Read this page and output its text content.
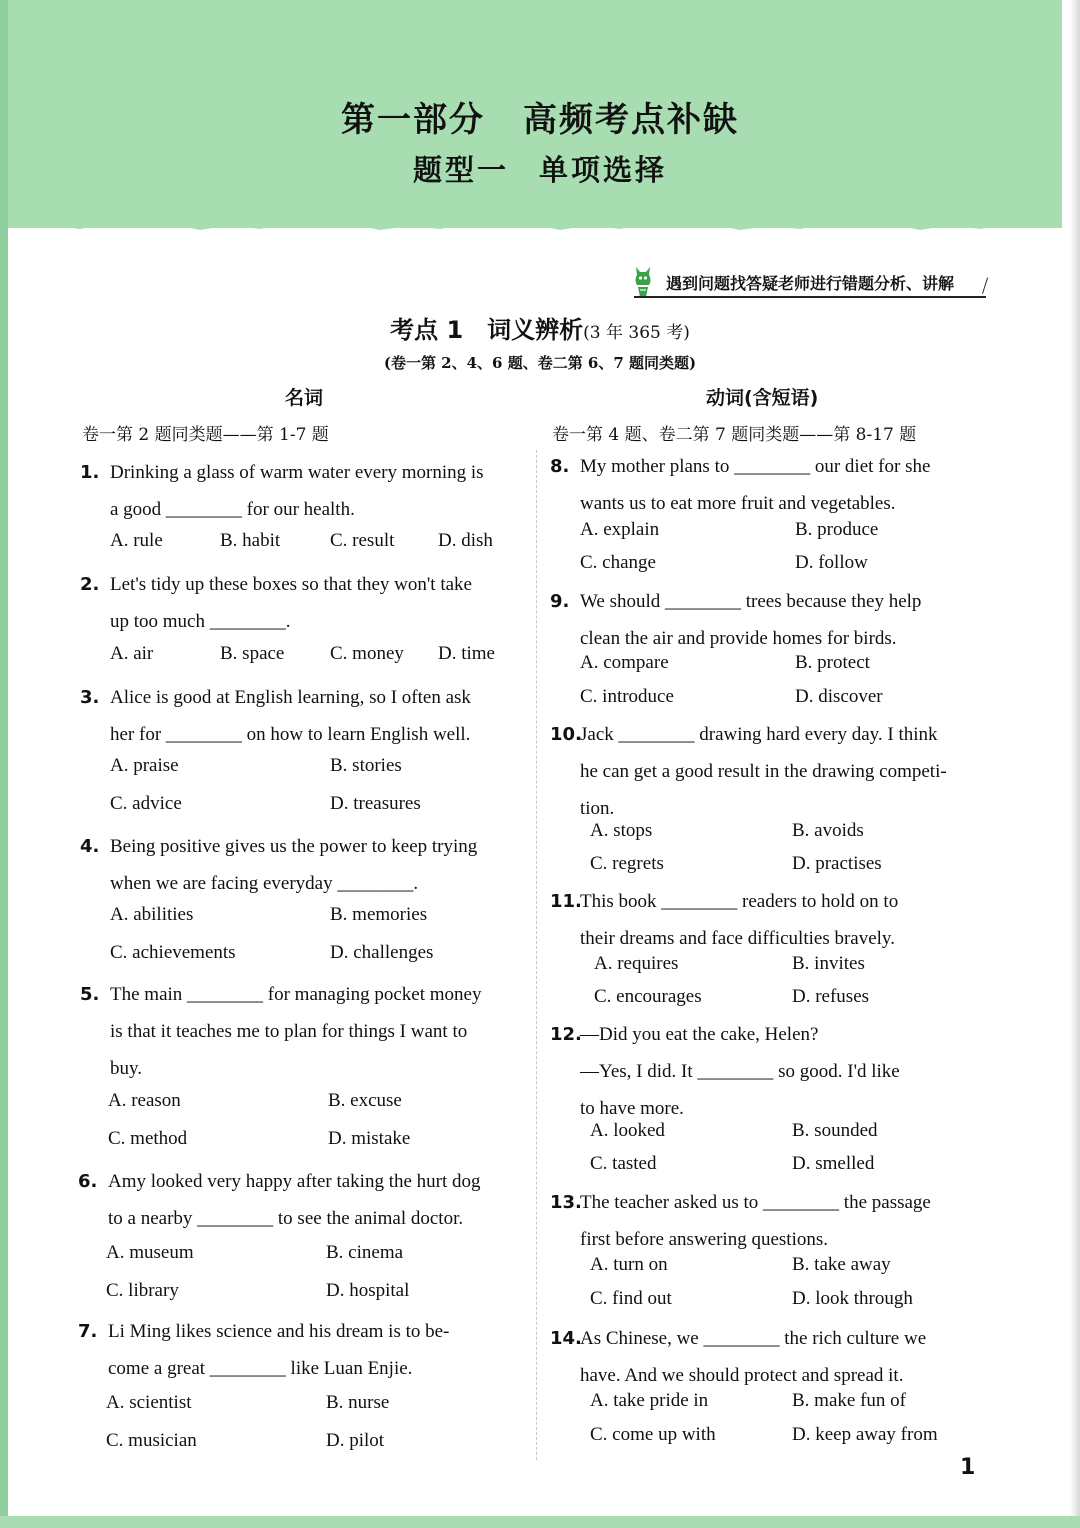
第一部分 高频考点补缺
题型一 单项选择
遇到问题找答疑老师进行错题分析、讲解 ⧸
考点 1　词义辨析(3 年 365 考)
(卷一第 2、4、6 题、卷二第 6、7 题同类题)
名词
卷一第 2 题同类题——第 1-7 题
动词(含短语)
卷一第 4 题、卷二第 7 题同类题——第 8-17 题
1. Drinking a glass of warm water every morning is
a good ________ for our health.
A. rule	B. habit	C. result D. dish
2. Let's tidy up these boxes so that they won't take
up too much ________.
A. air	B. space C. money D. time
3. Alice is good at English learning, so I often ask
her for ________ on how to learn English well.
A. praise	B. stories
C. advice	D. treasures
4. Being positive gives us the power to keep trying
when we are facing everyday ________.
A. abilities	B. memories
C. achievements	D. challenges
5. The main ________ for managing pocket money
is that it teaches me to plan for things I want to
buy.
A. reason	B. excuse
C. method	D. mistake
6. Amy looked very happy after taking the hurt dog
to a nearby ________ to see the animal doctor.
A. museum	B. cinema
C. library	D. hospital
7. Li Ming likes science and his dream is to be-
come a great ________ like Luan Enjie.
A. scientist	B. nurse
C. musician	D. pilot
8. My mother plans to ________ our diet for she
wants us to eat more fruit and vegetables.
A. explain	B. produce
C. change	D. follow
9. We should ________ trees because they help
clean the air and provide homes for birds.
A. compare	B. protect
C. introduce	D. discover
10.
Jack ________ drawing hard every day. I think
he can get a good result in the drawing competi-
tion.
A. stops	B. avoids
C. regrets	D. practises
11.
This book ________ readers to hold on to
their dreams and face difficulties bravely.
A. requires	B. invites
C. encourages	D. refuses
12.
—Did you eat the cake, Helen?
—Yes, I did. It ________ so good. I'd like
to have more.
A. looked	B. sounded
C. tasted	D. smelled
13.
The teacher asked us to ________ the passage
first before answering questions.
A. turn on	B. take away
C. find out	D. look through
14.
As Chinese, we ________ the rich culture we
have. And we should protect and spread it.
A. take pride in	B. make fun of
C. come up with	D. keep away from
1
